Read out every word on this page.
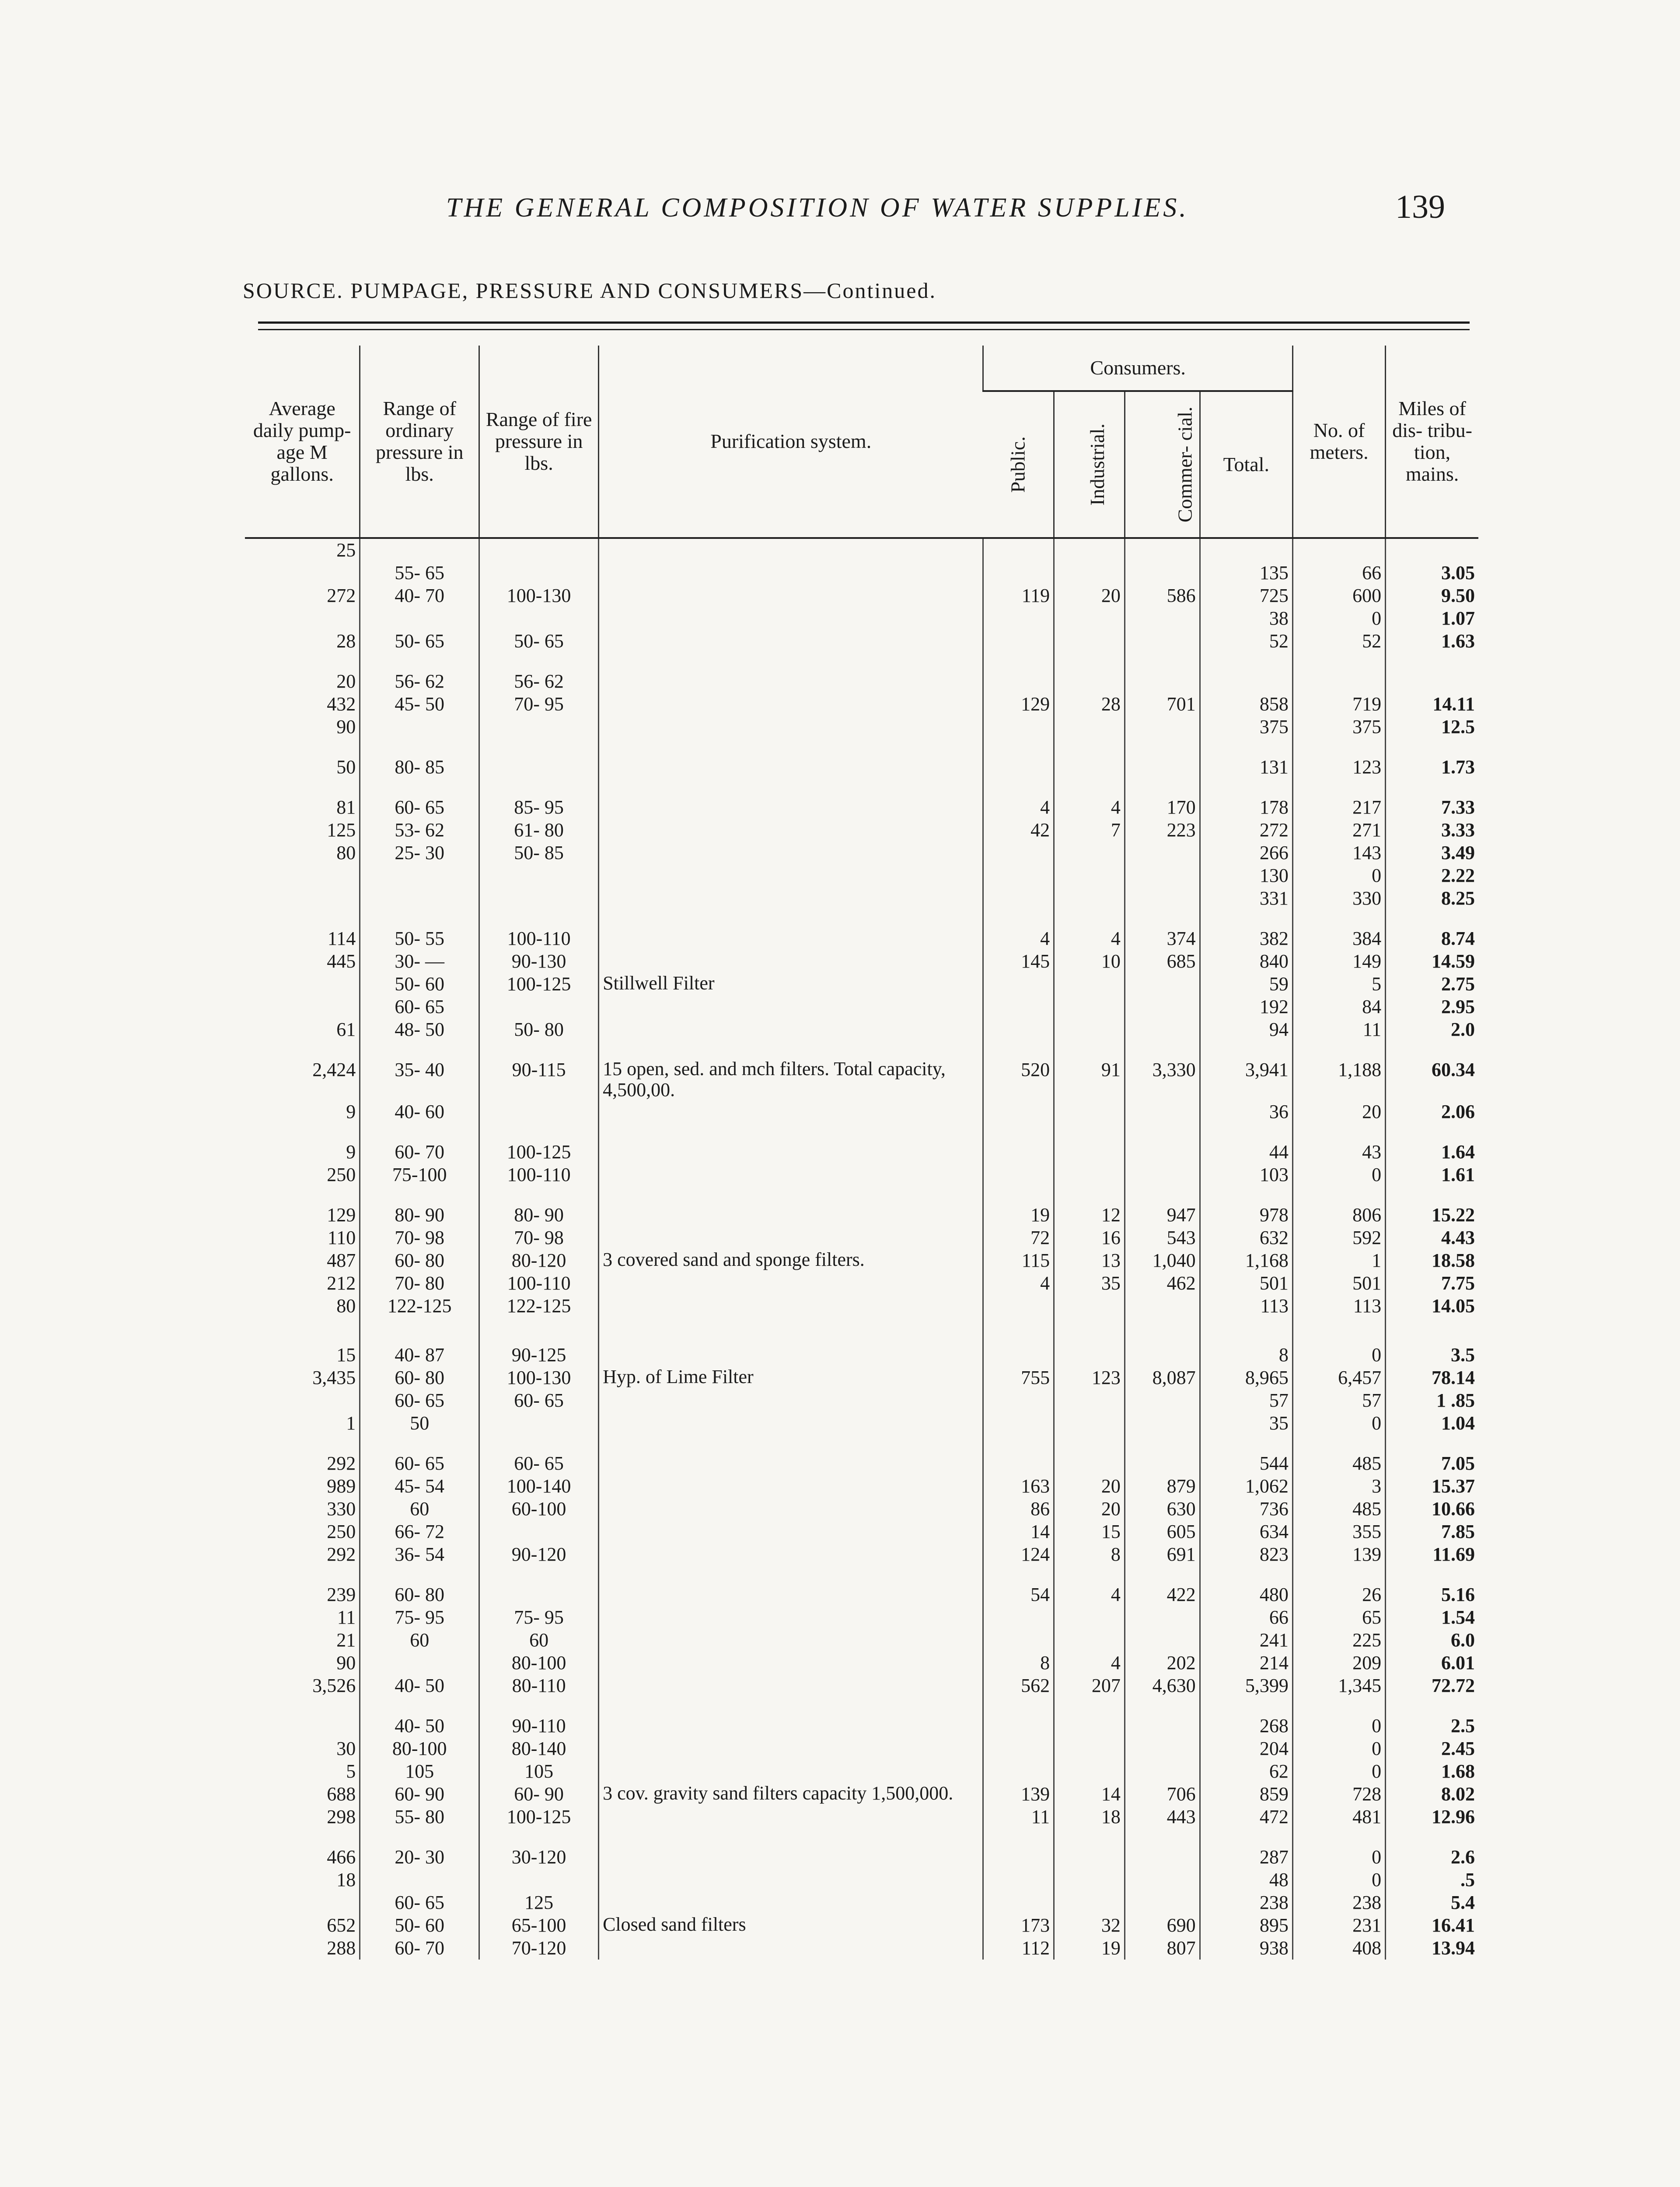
THE GENERAL COMPOSITION OF WATER SUPPLIES.	139
SOURCE. PUMPAGE, PRESSURE AND CONSUMERS—Continued.
Average daily pump- age M gallons.	Range of ordinary pressure in lbs.	Range of fire pressure in lbs.	Purification system.	Consumers.				No. of meters.	Miles of dis- tribu- tion, mains.
				Public.	Industrial.	Commer- cial.	Total.		
25									
	55- 65						135	66	3.05
272	40- 70	100-130		119	20	586	725	600	9.50
							38	0	1.07
28	50- 65	50- 65					52	52	1.63

20	56- 62	56- 62							
432	45- 50	70- 95		129	28	701	858	719	14.11
90							375	375	12.5

50	80- 85						131	123	1.73

81	60- 65	85- 95		4	4	170	178	217	7.33
125	53- 62	61- 80		42	7	223	272	271	3.33
80	25- 30	50- 85					266	143	3.49
							130	0	2.22
							331	330	8.25

114	50- 55	100-110		4	4	374	382	384	8.74
445	30- —	90-130		145	10	685	840	149	14.59
	50- 60	100-125	Stillwell Filter				59	5	2.75
	60- 65						192	84	2.95
61	48- 50	50- 80					94	11	2.0

2,424	35- 40	90-115	15 open, sed. and mch filters. Total capacity, 4,500,00.	520	91	3,330	3,941	1,188	60.34
9	40- 60						36	20	2.06

9	60- 70	100-125					44	43	1.64
250	75-100	100-110					103	0	1.61

129	80- 90	80- 90		19	12	947	978	806	15.22
110	70- 98	70- 98		72	16	543	632	592	4.43
487	60- 80	80-120	3 covered sand and sponge filters.	115	13	1,040	1,168	1	18.58
212	70- 80	100-110		4	35	462	501	501	7.75
80	122-125	122-125					113	113	14.05

15	40- 87	90-125					8	0	3.5
3,435	60- 80	100-130	Hyp. of Lime Filter	755	123	8,087	8,965	6,457	78.14
	60- 65	60- 65					57	57	1 .85
1	50						35	0	1.04

292	60- 65	60- 65					544	485	7.05
989	45- 54	100-140		163	20	879	1,062	3	15.37
330	60	60-100		86	20	630	736	485	10.66
250	66- 72			14	15	605	634	355	7.85
292	36- 54	90-120		124	8	691	823	139	11.69

239	60- 80			54	4	422	480	26	5.16
11	75- 95	75- 95					66	65	1.54
21	60	60					241	225	6.0
90		80-100		8	4	202	214	209	6.01
3,526	40- 50	80-110		562	207	4,630	5,399	1,345	72.72

	40- 50	90-110					268	0	2.5
30	80-100	80-140					204	0	2.45
5	105	105					62	0	1.68
688	60- 90	60- 90	3 cov. gravity sand filters capacity 1,500,000.	139	14	706	859	728	8.02
298	55- 80	100-125		11	18	443	472	481	12.96

466	20- 30	30-120					287	0	2.6
18							48	0	.5
	60- 65	125					238	238	5.4
652	50- 60	65-100	Closed sand filters	173	32	690	895	231	16.41
288	60- 70	70-120		112	19	807	938	408	13.94
